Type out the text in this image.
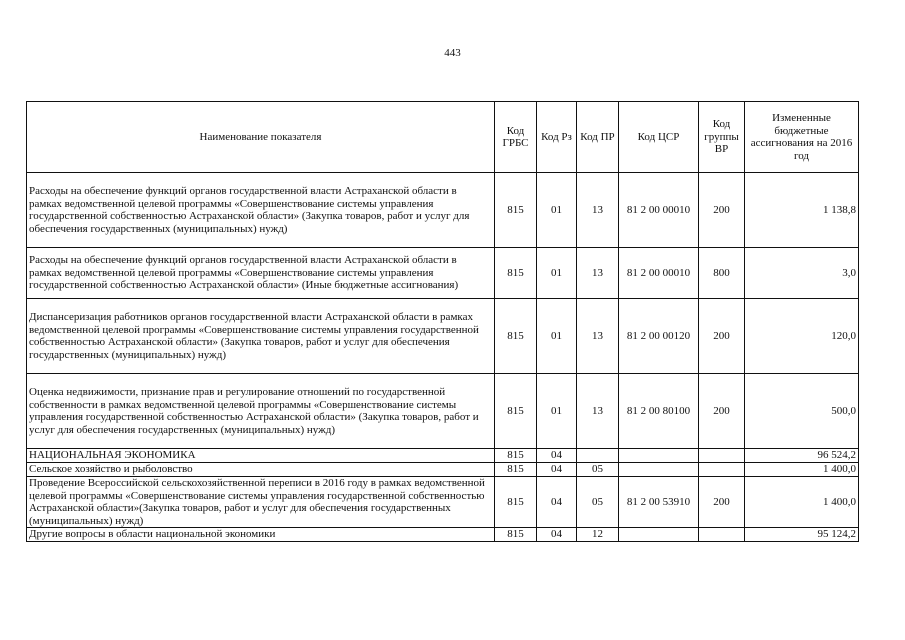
443
Наименование показателя	Код ГРБС	Код Рз	Код ПР	Код ЦСР	Код группы ВР	Измененные бюджетные ассигнования на 2016 год
Расходы на обеспечение функций органов государственной власти Астраханской области в рамках ведомственной целевой программы «Совершенствование системы управления государственной собственностью Астраханской области» (Закупка товаров, работ и услуг для обеспечения государственных (муниципальных) нужд)	815	01	13	81 2 00 00010	200	1 138,8
Расходы на обеспечение функций органов государственной власти Астраханской области в рамках ведомственной целевой программы «Совершенствование системы управления государственной собственностью Астраханской области» (Иные бюджетные ассигнования)	815	01	13	81 2 00 00010	800	3,0
Диспансеризация работников органов государственной власти Астраханской области в рамках ведомственной целевой программы «Совершенствование системы управления государственной собственностью Астраханской области» (Закупка товаров, работ и услуг для обеспечения государственных (муниципальных) нужд)	815	01	13	81 2 00 00120	200	120,0
Оценка недвижимости, признание прав и регулирование отношений по государственной собственности в рамках ведомственной целевой программы «Совершенствование системы управления государственной собственностью Астраханской области» (Закупка товаров, работ и услуг для обеспечения государственных (муниципальных) нужд)	815	01	13	81 2 00 80100	200	500,0
НАЦИОНАЛЬНАЯ ЭКОНОМИКА	815	04				96 524,2
Сельское хозяйство и рыболовство	815	04	05			1 400,0
Проведение Всероссийской сельскохозяйственной переписи в 2016 году в рамках ведомственной целевой программы «Совершенствование системы управления государственной собственностью Астраханской области»(Закупка товаров, работ и услуг для обеспечения государственных (муниципальных) нужд)	815	04	05	81 2 00 53910	200	1 400,0
Другие вопросы в области национальной экономики	815	04	12			95 124,2
